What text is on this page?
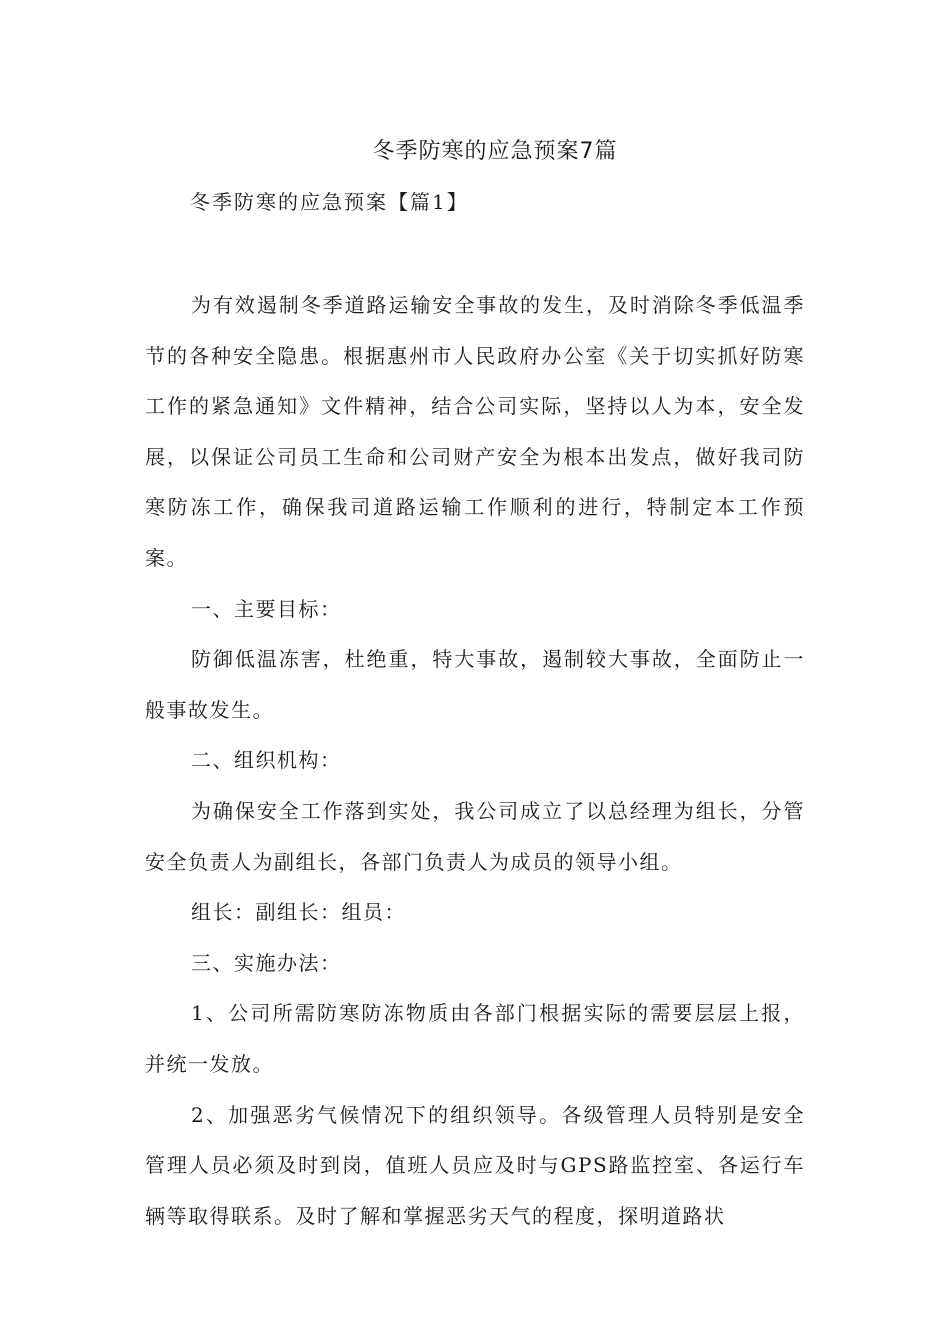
冬季防寒的应急预案7篇

冬季防寒的应急预案【篇1】

为有效遏制冬季道路运输安全事故的发生，及时消除冬季低温季节的各种安全隐患。根据惠州市人民政府办公室《关于切实抓好防寒工作的紧急通知》文件精神，结合公司实际，坚持以人为本，安全发展，以保证公司员工生命和公司财产安全为根本出发点，做好我司防寒防冻工作，确保我司道路运输工作顺利的进行，特制定本工作预案。

一、主要目标：

防御低温冻害，杜绝重，特大事故，遏制较大事故，全面防止一般事故发生。

二、组织机构：

为确保安全工作落到实处，我公司成立了以总经理为组长，分管安全负责人为副组长，各部门负责人为成员的领导小组。

组长：副组长：组员：

三、实施办法：

1、公司所需防寒防冻物质由各部门根据实际的需要层层上报，并统一发放。

2、加强恶劣气候情况下的组织领导。各级管理人员特别是安全管理人员必须及时到岗，值班人员应及时与GPS路监控室、各运行车辆等取得联系。及时了解和掌握恶劣天气的程度，探明道路状
